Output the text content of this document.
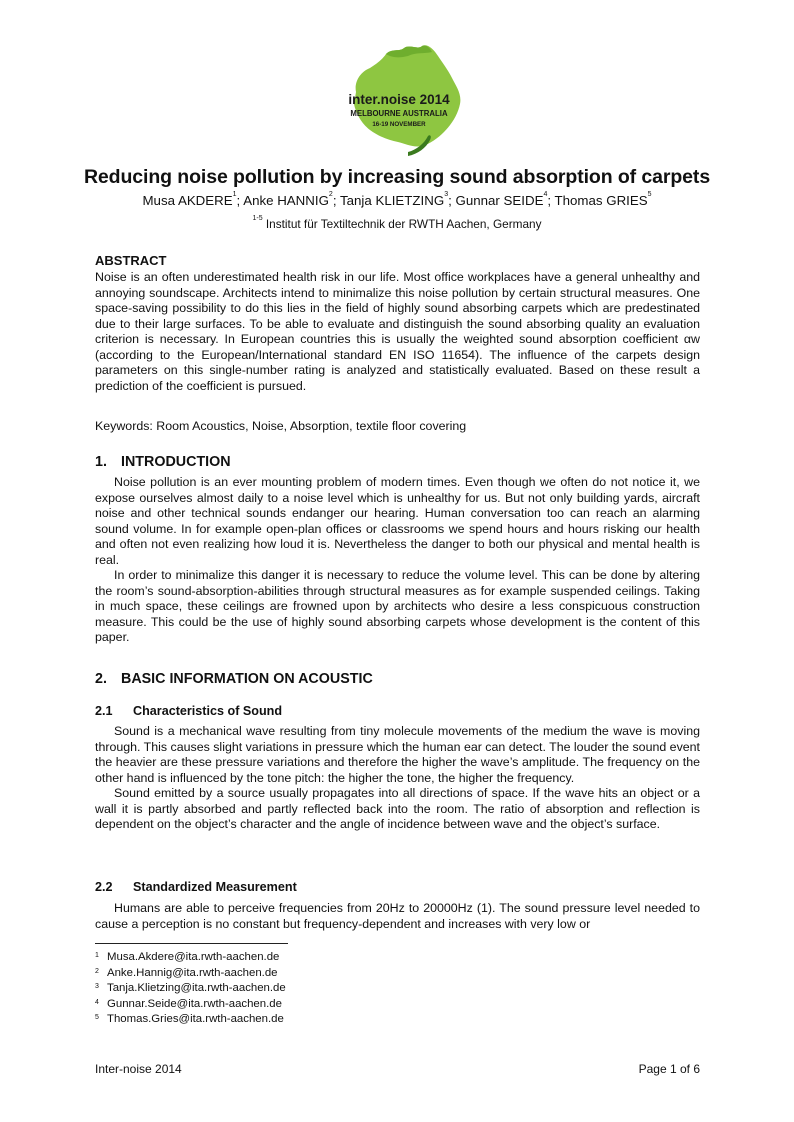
inter.noise 2014
MELBOURNE AUSTRALIA
16-19 NOVEMBER
Reducing noise pollution by increasing sound absorption of carpets
Musa AKDERE$^1$; Anke HANNIG$^2$; Tanja KLIETZING$^3$; Gunnar SEIDE$^4$; Thomas GRIES$^5$
$^{1-5}$ Institut für Textiltechnik der RWTH Aachen, Germany
ABSTRACT

Noise is an often underestimated health risk in our life. Most office workplaces have a general unhealthy and annoying soundscape. Architects intend to minimalize this noise pollution by certain structural measures. One space-saving possibility to do this lies in the field of highly sound absorbing carpets which are predestinated due to their large surfaces. To be able to evaluate and distinguish the sound absorbing quality an evaluation criterion is necessary. In European countries this is usually the weighted sound absorption coefficient αw (according to the European/International standard EN ISO 11654). The influence of the carpets design parameters on this single-number rating is analyzed and statistically evaluated. Based on these result a prediction of the coefficient is pursued.

Keywords: Room Acoustics, Noise, Absorption, textile floor covering
1. INTRODUCTION

Noise pollution is an ever mounting problem of modern times. Even though we often do not notice it, we expose ourselves almost daily to a noise level which is unhealthy for us. But not only building yards, aircraft noise and other technical sounds endanger our hearing. Human conversation too can reach an alarming sound volume. In for example open-plan offices or classrooms we spend hours and hours risking our health and often not even realizing how loud it is. Nevertheless the danger to both our physical and mental health is real.

In order to minimalize this danger it is necessary to reduce the volume level. This can be done by altering the room’s sound-absorption-abilities through structural measures as for example suspended ceilings. Taking in much space, these ceilings are frowned upon by architects who desire a less conspicuous construction measure. This could be the use of highly sound absorbing carpets whose development is the content of this paper.

2. BASIC INFORMATION ON ACOUSTIC
2.1 Characteristics of Sound

Sound is a mechanical wave resulting from tiny molecule movements of the medium the wave is moving through. This causes slight variations in pressure which the human ear can detect. The louder the sound event the heavier are these pressure variations and therefore the higher the wave’s amplitude. The frequency on the other hand is influenced by the tone pitch: the higher the tone, the higher the frequency.

Sound emitted by a source usually propagates into all directions of space. If the wave hits an object or a wall it is partly absorbed and partly reflected back into the room. The ratio of absorption and reflection is dependent on the object’s character and the angle of incidence between wave and the object’s surface.

2.2 Standardized Measurement

Humans are able to perceive frequencies from 20Hz to 20000Hz (1). The sound pressure level needed to cause a perception is no constant but frequency-dependent and increases with very low or

$^1$ Musa.Akdere@ita.rwth-aachen.de
$^2$ Anke.Hannig@ita.rwth-aachen.de
$^3$ Tanja.Klietzing@ita.rwth-aachen.de
$^4$ Gunnar.Seide@ita.rwth-aachen.de
$^5$ Thomas.Gries@ita.rwth-aachen.de
Inter-noise 2014	Page 1 of 6
